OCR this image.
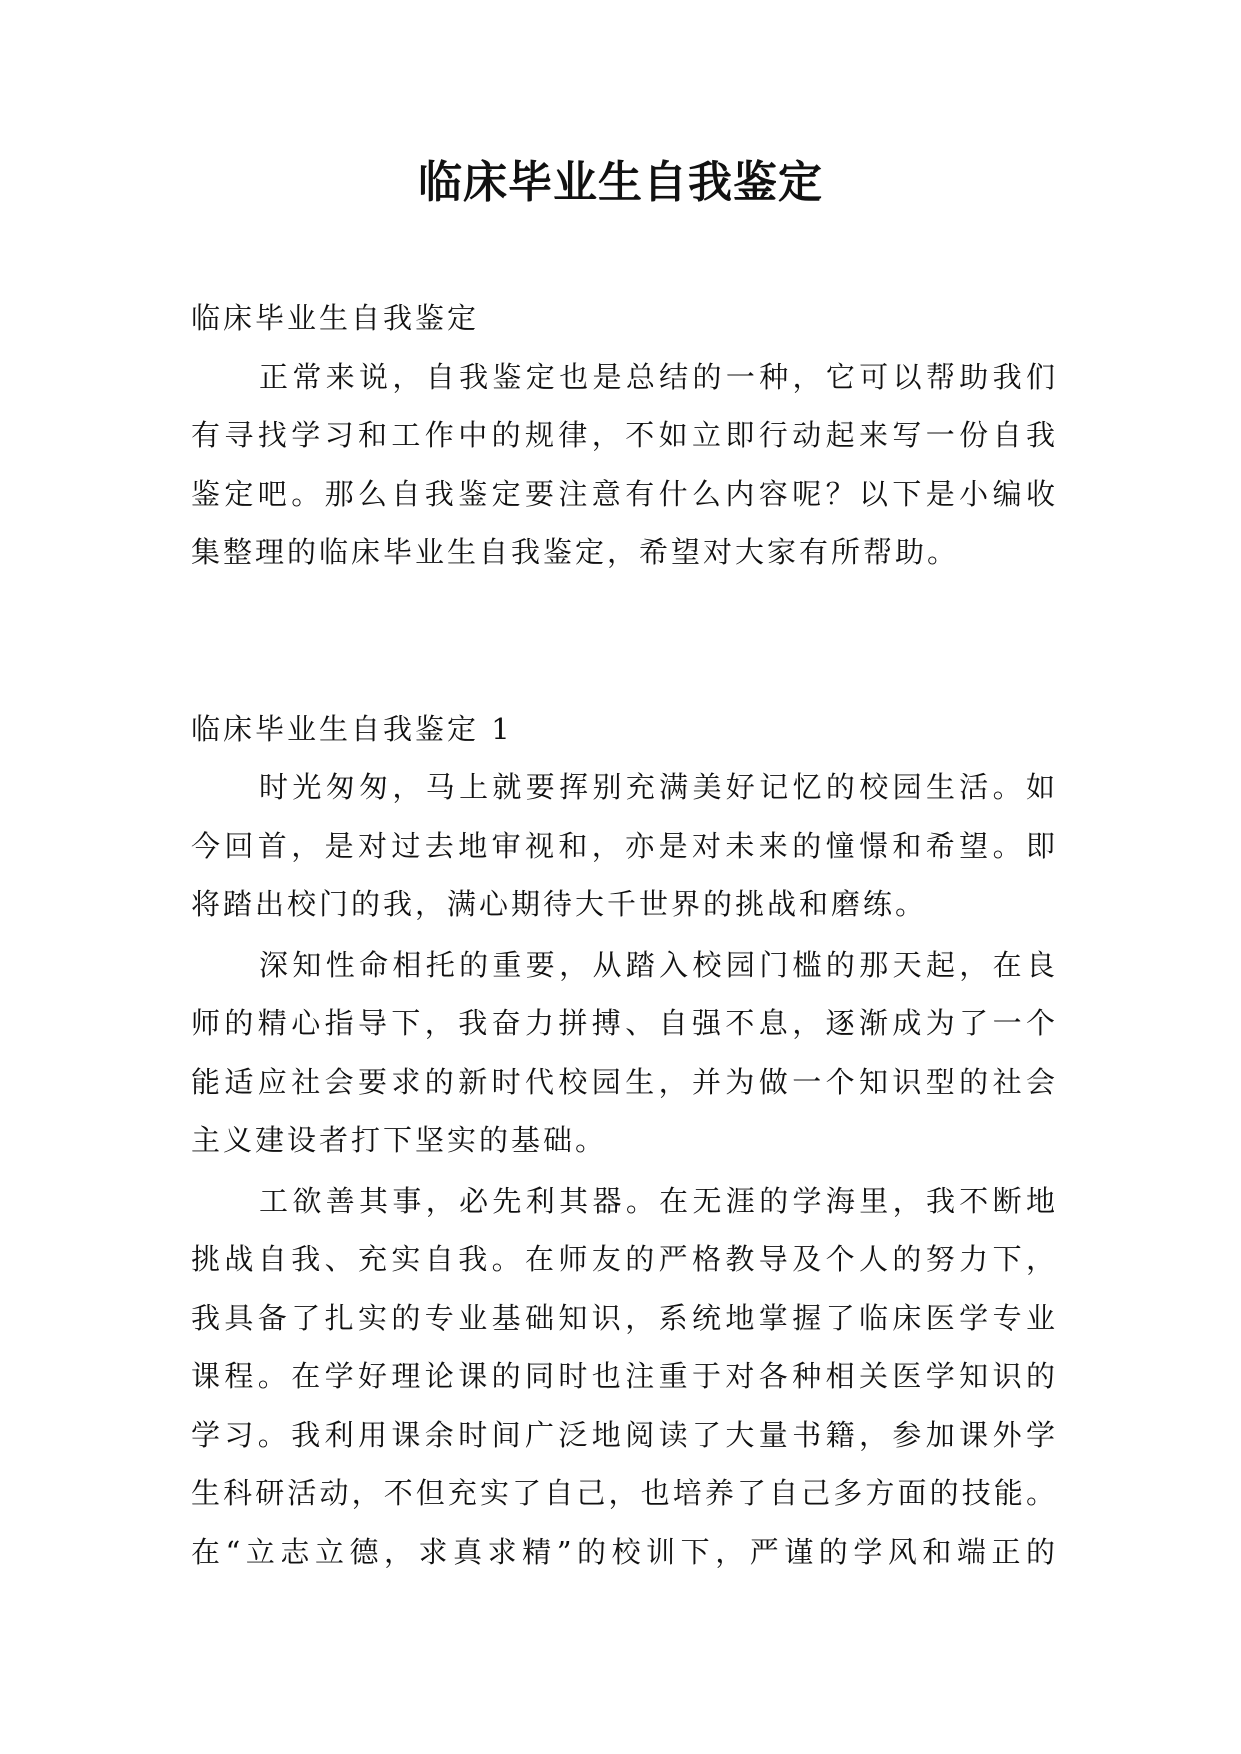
临床毕业生自我鉴定
临床毕业生自我鉴定
正常来说，自我鉴定也是总结的一种，它可以帮助我们
有寻找学习和工作中的规律，不如立即行动起来写一份自我
鉴定吧。那么自我鉴定要注意有什么内容呢？以下是小编收
集整理的临床毕业生自我鉴定，希望对大家有所帮助。
临床毕业生自我鉴定 1
时光匆匆，马上就要挥别充满美好记忆的校园生活。如
今回首，是对过去地审视和，亦是对未来的憧憬和希望。即
将踏出校门的我，满心期待大千世界的挑战和磨练。
深知性命相托的重要，从踏入校园门槛的那天起，在良
师的精心指导下，我奋力拼搏、自强不息，逐渐成为了一个
能适应社会要求的新时代校园生，并为做一个知识型的社会
主义建设者打下坚实的基础。
工欲善其事，必先利其器。在无涯的学海里，我不断地
挑战自我、充实自我。在师友的严格教导及个人的努力下，
我具备了扎实的专业基础知识，系统地掌握了临床医学专业
课程。在学好理论课的同时也注重于对各种相关医学知识的
学习。我利用课余时间广泛地阅读了大量书籍，参加课外学
生科研活动，不但充实了自己，也培养了自己多方面的技能。
在“立志立德，求真求精”的校训下，严谨的学风和端正的
